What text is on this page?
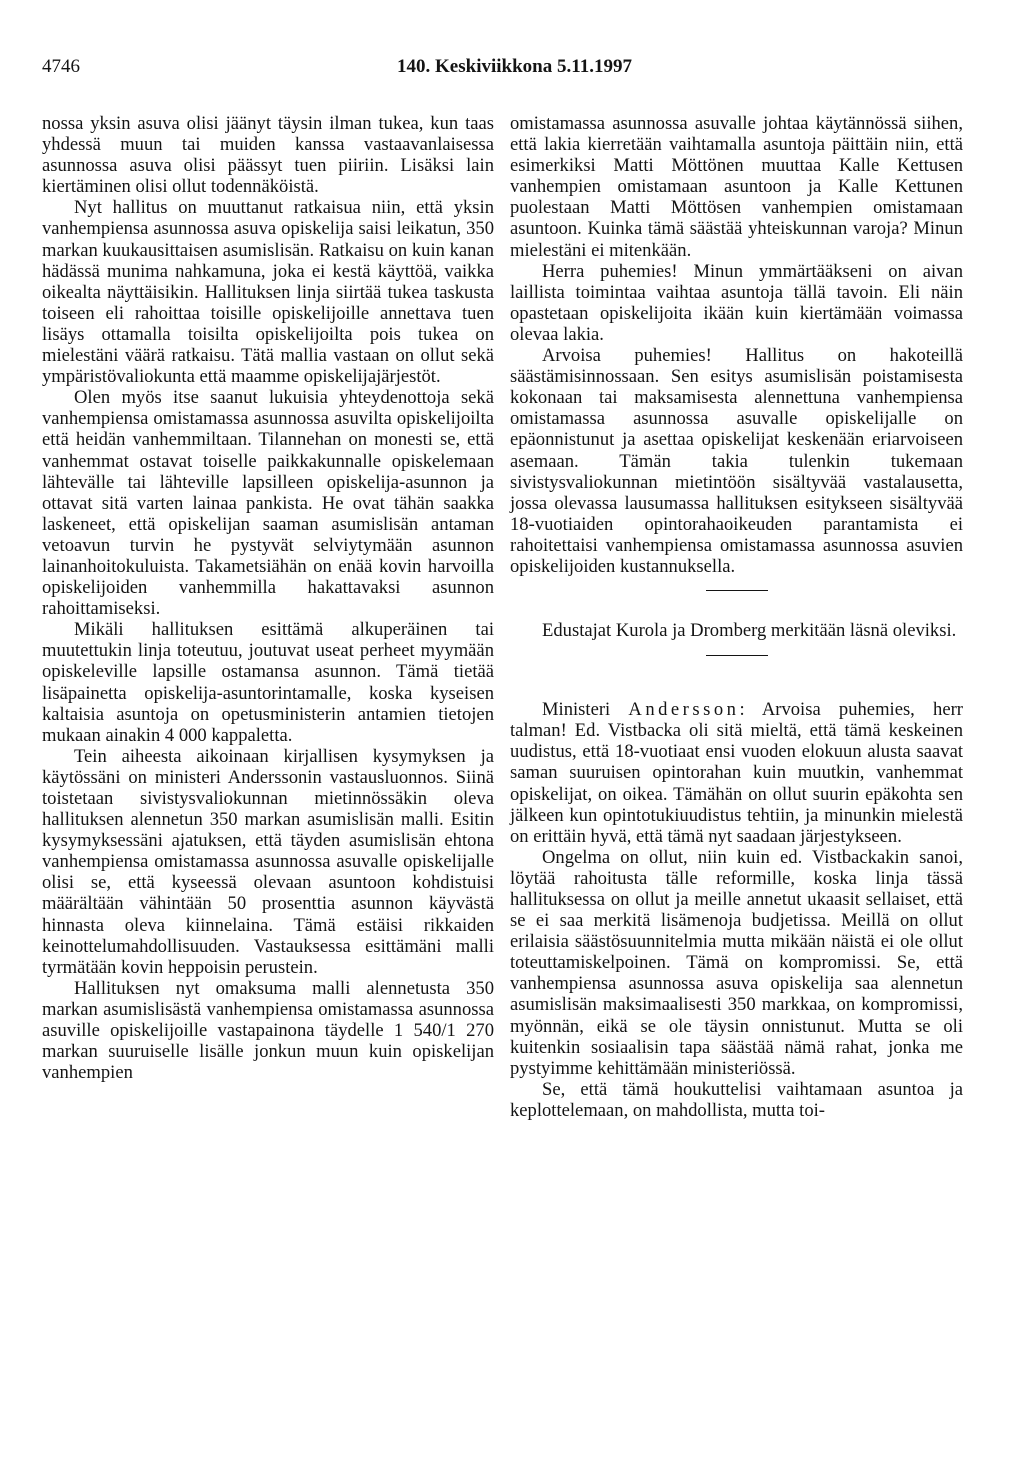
4746	140. Keskiviikkona 5.11.1997

nossa yksin asuva olisi jäänyt täysin ilman tukea, kun taas yhdessä muun tai muiden kanssa vastaavanlaisessa asunnossa asuva olisi päässyt tuen piiriin. Lisäksi lain kiertäminen olisi ollut todennäköistä.

Nyt hallitus on muuttanut ratkaisua niin, että yksin vanhempiensa asunnossa asuva opiskelija saisi leikatun, 350 markan kuukausittaisen asumislisän. Ratkaisu on kuin kanan hädässä munima nahkamuna, joka ei kestä käyttöä, vaikka oikealta näyttäisikin. Hallituksen linja siirtää tukea taskusta toiseen eli rahoittaa toisille opiskelijoille annettava tuen lisäys ottamalla toisilta opiskelijoilta pois tukea on mielestäni väärä ratkaisu. Tätä mallia vastaan on ollut sekä ympäristövaliokunta että maamme opiskelijajärjestöt.

Olen myös itse saanut lukuisia yhteydenottoja sekä vanhempiensa omistamassa asunnossa asuvilta opiskelijoilta että heidän vanhemmiltaan. Tilannehan on monesti se, että vanhemmat ostavat toiselle paikkakunnalle opiskelemaan lähtevälle tai lähteville lapsilleen opiskelija-asunnon ja ottavat sitä varten lainaa pankista. He ovat tähän saakka laskeneet, että opiskelijan saaman asumislisän antaman vetoavun turvin he pystyvät selviytymään asunnon lainanhoitokuluista. Takametsiähän on enää kovin harvoilla opiskelijoiden vanhemmilla hakattavaksi asunnon rahoittamiseksi.

Mikäli hallituksen esittämä alkuperäinen tai muutettukin linja toteutuu, joutuvat useat perheet myymään opiskeleville lapsille ostamansa asunnon. Tämä tietää lisäpainetta opiskelija-asuntorintamalle, koska kyseisen kaltaisia asuntoja on opetusministerin antamien tietojen mukaan ainakin 4 000 kappaletta.

Tein aiheesta aikoinaan kirjallisen kysymyksen ja käytössäni on ministeri Anderssonin vastausluonnos. Siinä toistetaan sivistysvaliokunnan mietinnössäkin oleva hallituksen alennetun 350 markan asumislisän malli. Esitin kysymyksessäni ajatuksen, että täyden asumislisän ehtona vanhempiensa omistamassa asunnossa asuvalle opiskelijalle olisi se, että kyseessä olevaan asuntoon kohdistuisi määrältään vähintään 50 prosenttia asunnon käyvästä hinnasta oleva kiinnelaina. Tämä estäisi rikkaiden keinottelumahdollisuuden. Vastauksessa esittämäni malli tyrmätään kovin heppoisin perustein.

Hallituksen nyt omaksuma malli alennetusta 350 markan asumislisästä vanhempiensa omistamassa asunnossa asuville opiskelijoille vastapainona täydelle 1 540/1 270 markan suuruiselle lisälle jonkun muun kuin opiskelijan vanhempien

omistamassa asunnossa asuvalle johtaa käytännössä siihen, että lakia kierretään vaihtamalla asuntoja päittäin niin, että esimerkiksi Matti Möttönen muuttaa Kalle Kettusen vanhempien omistamaan asuntoon ja Kalle Kettunen puolestaan Matti Möttösen vanhempien omistamaan asuntoon. Kuinka tämä säästää yhteiskunnan varoja? Minun mielestäni ei mitenkään.

Herra puhemies! Minun ymmärtääkseni on aivan laillista toimintaa vaihtaa asuntoja tällä tavoin. Eli näin opastetaan opiskelijoita ikään kuin kiertämään voimassa olevaa lakia.

Arvoisa puhemies! Hallitus on hakoteillä säästämisinnossaan. Sen esitys asumislisän poistamisesta kokonaan tai maksamisesta alennettuna vanhempiensa omistamassa asunnossa asuvalle opiskelijalle on epäonnistunut ja asettaa opiskelijat keskenään eriarvoiseen asemaan. Tämän takia tulenkin tukemaan sivistysvaliokunnan mietintöön sisältyvää vastalausetta, jossa olevassa lausumassa hallituksen esitykseen sisältyvää 18-vuotiaiden opintorahaoikeuden parantamista ei rahoitettaisi vanhempiensa omistamassa asunnossa asuvien opiskelijoiden kustannuksella.

Edustajat Kurola ja Dromberg merkitään läsnä oleviksi.

Ministeri Andersson: Arvoisa puhemies, herr talman! Ed. Vistbacka oli sitä mieltä, että tämä keskeinen uudistus, että 18-vuotiaat ensi vuoden elokuun alusta saavat saman suuruisen opintorahan kuin muutkin, vanhemmat opiskelijat, on oikea. Tämähän on ollut suurin epäkohta sen jälkeen kun opintotukiuudistus tehtiin, ja minunkin mielestä on erittäin hyvä, että tämä nyt saadaan järjestykseen.

Ongelma on ollut, niin kuin ed. Vistbackakin sanoi, löytää rahoitusta tälle reformille, koska linja tässä hallituksessa on ollut ja meille annetut ukaasit sellaiset, että se ei saa merkitä lisämenoja budjetissa. Meillä on ollut erilaisia säästösuunnitelmia mutta mikään näistä ei ole ollut toteuttamiskelpoinen. Tämä on kompromissi. Se, että vanhempiensa asunnossa asuva opiskelija saa alennetun asumislisän maksimaalisesti 350 markkaa, on kompromissi, myönnän, eikä se ole täysin onnistunut. Mutta se oli kuitenkin sosiaalisin tapa säästää nämä rahat, jonka me pystyimme kehittämään ministeriössä.

Se, että tämä houkuttelisi vaihtamaan asuntoa ja keplottelemaan, on mahdollista, mutta toi-
